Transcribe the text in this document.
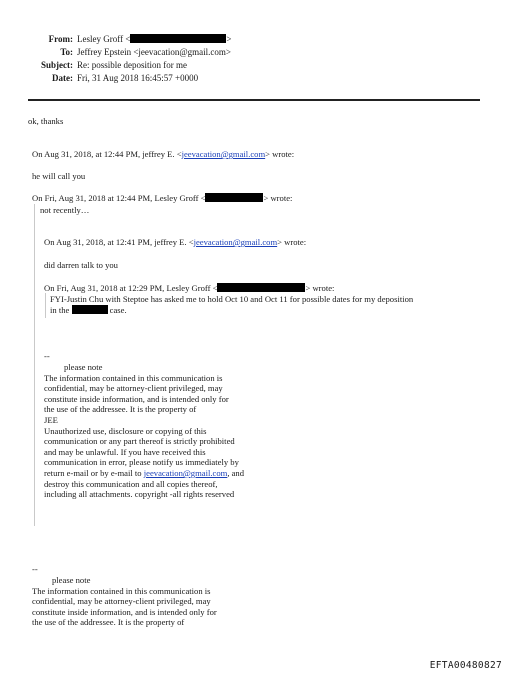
From: Lesley Groff <	>
To: Jeffrey Epstein <jeevacation@gmail.com>
Subject: Re: possible deposition for me
Date: Fri, 31 Aug 2018 16:45:57 +0000
ok, thanks
On Aug 31, 2018, at 12:44 PM, jeffrey E. <jeevacation@gmail.com> wrote:
he will call you
On Fri, Aug 31, 2018 at 12:44 PM, Lesley Groff <	> wrote:
not recently…
On Aug 31, 2018, at 12:41 PM, jeffrey E. <jeevacation@gmail.com> wrote:
did darren talk to you
On Fri, Aug 31, 2018 at 12:29 PM, Lesley Groff <	> wrote:
FYI-Justin Chu with Steptoe has asked me to hold Oct 10 and Oct 11 for possible dates for my deposition
in the	case.
--
please note
The information contained in this communication is
confidential, may be attorney-client privileged, may
constitute inside information, and is intended only for
the use of the addressee. It is the property of
JEE
Unauthorized use, disclosure or copying of this
communication or any part thereof is strictly prohibited
and may be unlawful. If you have received this
communication in error, please notify us immediately by
return e-mail or by e-mail to jeevacation@gmail.com, and
destroy this communication and all copies thereof,
including all attachments. copyright -all rights reserved
--
please note
The information contained in this communication is
confidential, may be attorney-client privileged, may
constitute inside information, and is intended only for
the use of the addressee. It is the property of
EFTA00480827
